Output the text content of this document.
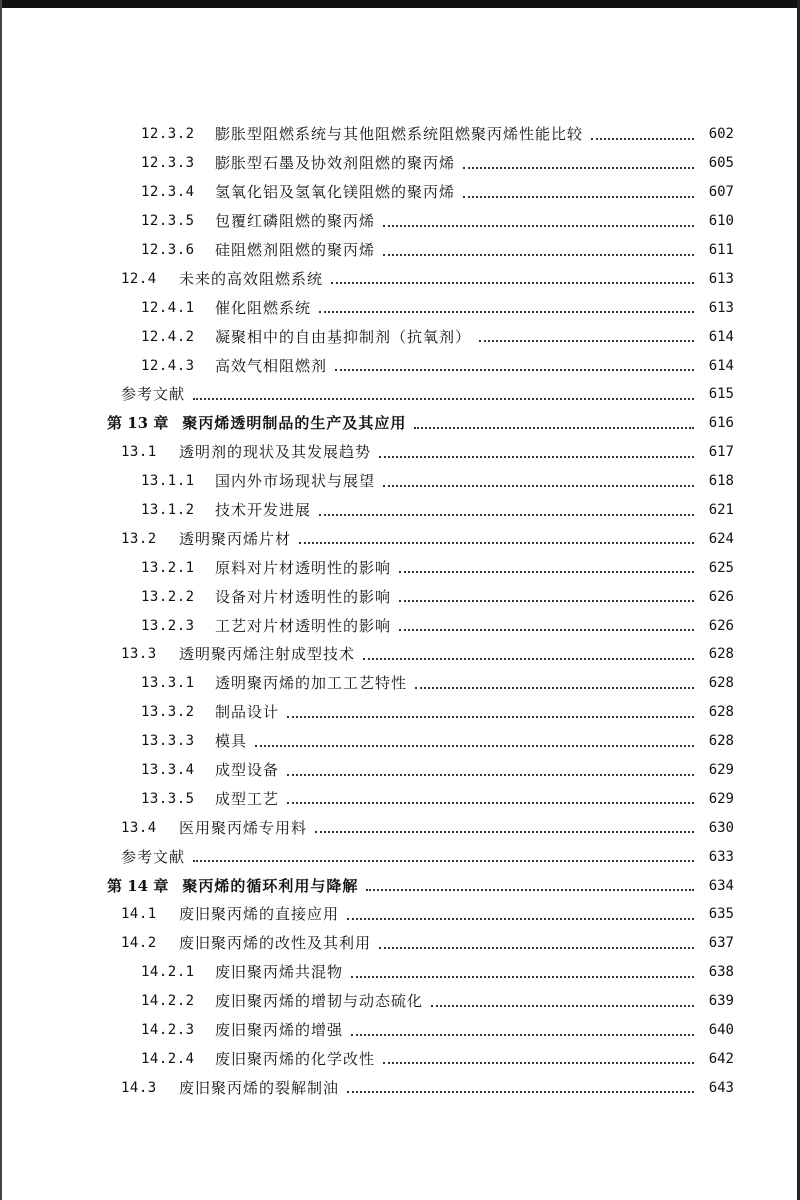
12.3.2	膨胀型阻燃系统与其他阻燃系统阻燃聚丙烯性能比较	602
12.3.3	膨胀型石墨及协效剂阻燃的聚丙烯	605
12.3.4	氢氧化铝及氢氧化镁阻燃的聚丙烯	607
12.3.5	包覆红磷阻燃的聚丙烯	610
12.3.6	硅阻燃剂阻燃的聚丙烯	611
12.4	未来的高效阻燃系统	613
12.4.1	催化阻燃系统	613
12.4.2	凝聚相中的自由基抑制剂（抗氧剂）	614
12.4.3	高效气相阻燃剂	614
参考文献	615
第 13 章 聚丙烯透明制品的生产及其应用	616
13.1	透明剂的现状及其发展趋势	617
13.1.1	国内外市场现状与展望	618
13.1.2	技术开发进展	621
13.2	透明聚丙烯片材	624
13.2.1	原料对片材透明性的影响	625
13.2.2	设备对片材透明性的影响	626
13.2.3	工艺对片材透明性的影响	626
13.3	透明聚丙烯注射成型技术	628
13.3.1	透明聚丙烯的加工工艺特性	628
13.3.2	制品设计	628
13.3.3	模具	628
13.3.4	成型设备	629
13.3.5	成型工艺	629
13.4	医用聚丙烯专用料	630
参考文献	633
第 14 章 聚丙烯的循环利用与降解	634
14.1	废旧聚丙烯的直接应用	635
14.2	废旧聚丙烯的改性及其利用	637
14.2.1	废旧聚丙烯共混物	638
14.2.2	废旧聚丙烯的增韧与动态硫化	639
14.2.3	废旧聚丙烯的增强	640
14.2.4	废旧聚丙烯的化学改性	642
14.3	废旧聚丙烯的裂解制油	643
